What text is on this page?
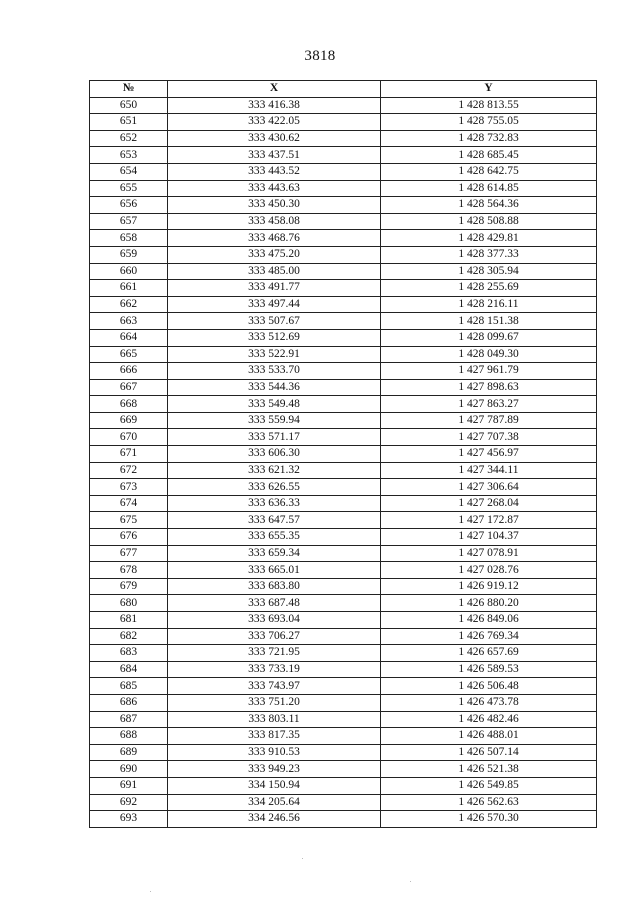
3818
№	X	Y
650	333 416.38	1 428 813.55
651	333 422.05	1 428 755.05
652	333 430.62	1 428 732.83
653	333 437.51	1 428 685.45
654	333 443.52	1 428 642.75
655	333 443.63	1 428 614.85
656	333 450.30	1 428 564.36
657	333 458.08	1 428 508.88
658	333 468.76	1 428 429.81
659	333 475.20	1 428 377.33
660	333 485.00	1 428 305.94
661	333 491.77	1 428 255.69
662	333 497.44	1 428 216.11
663	333 507.67	1 428 151.38
664	333 512.69	1 428 099.67
665	333 522.91	1 428 049.30
666	333 533.70	1 427 961.79
667	333 544.36	1 427 898.63
668	333 549.48	1 427 863.27
669	333 559.94	1 427 787.89
670	333 571.17	1 427 707.38
671	333 606.30	1 427 456.97
672	333 621.32	1 427 344.11
673	333 626.55	1 427 306.64
674	333 636.33	1 427 268.04
675	333 647.57	1 427 172.87
676	333 655.35	1 427 104.37
677	333 659.34	1 427 078.91
678	333 665.01	1 427 028.76
679	333 683.80	1 426 919.12
680	333 687.48	1 426 880.20
681	333 693.04	1 426 849.06
682	333 706.27	1 426 769.34
683	333 721.95	1 426 657.69
684	333 733.19	1 426 589.53
685	333 743.97	1 426 506.48
686	333 751.20	1 426 473.78
687	333 803.11	1 426 482.46
688	333 817.35	1 426 488.01
689	333 910.53	1 426 507.14
690	333 949.23	1 426 521.38
691	334 150.94	1 426 549.85
692	334 205.64	1 426 562.63
693	334 246.56	1 426 570.30
